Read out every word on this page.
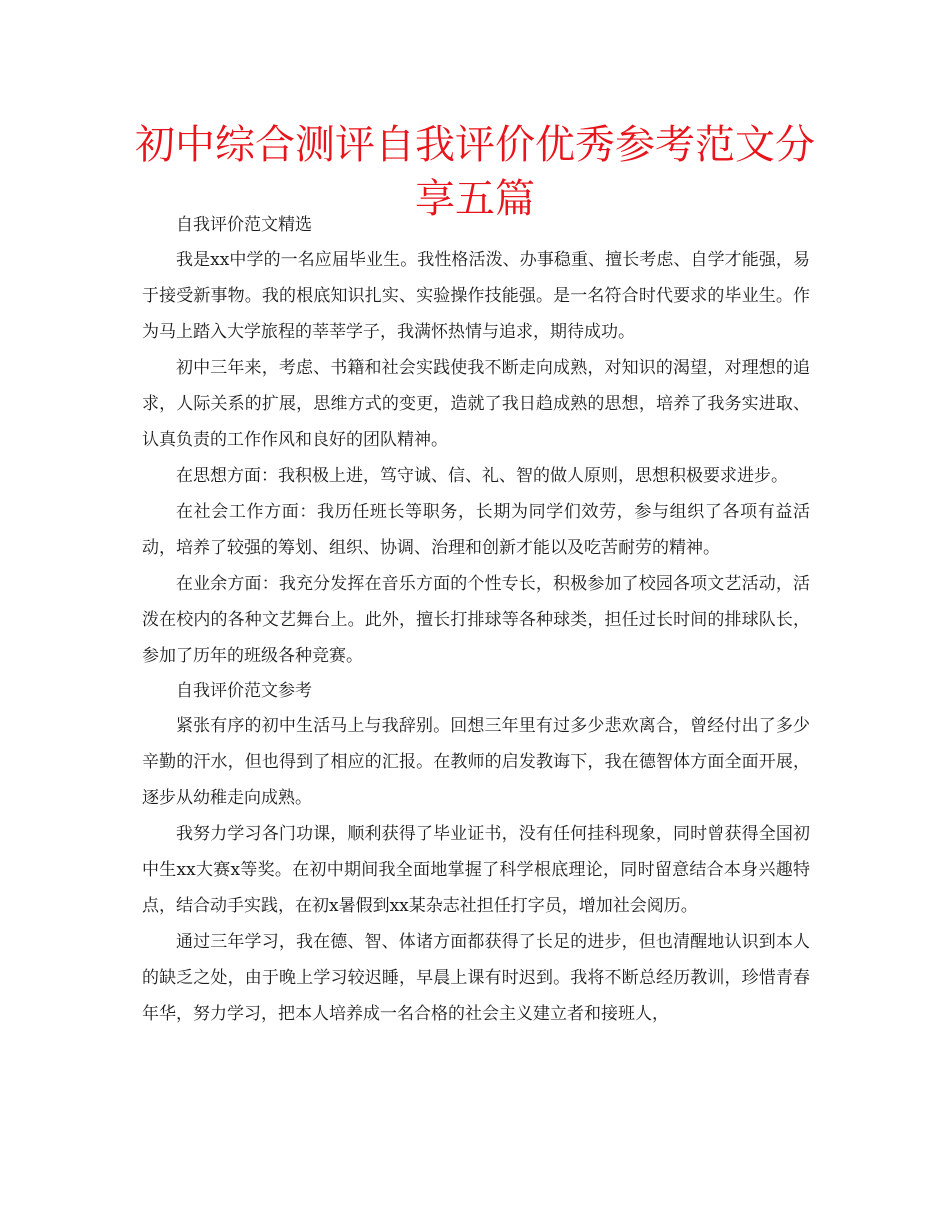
初中综合测评自我评价优秀参考范文分享五篇

自我评价范文精选

我是xx中学的一名应届毕业生。我性格活泼、办事稳重、擅长考虑、自学才能强，易于接受新事物。我的根底知识扎实、实验操作技能强。是一名符合时代要求的毕业生。作为马上踏入大学旅程的莘莘学子，我满怀热情与追求，期待成功。

初中三年来，考虑、书籍和社会实践使我不断走向成熟，对知识的渴望，对理想的追求，人际关系的扩展，思维方式的变更，造就了我日趋成熟的思想，培养了我务实进取、认真负责的工作作风和良好的团队精神。

在思想方面：我积极上进，笃守诚、信、礼、智的做人原则，思想积极要求进步。

在社会工作方面：我历任班长等职务，长期为同学们效劳，参与组织了各项有益活动，培养了较强的筹划、组织、协调、治理和创新才能以及吃苦耐劳的精神。

在业余方面：我充分发挥在音乐方面的个性专长，积极参加了校园各项文艺活动，活泼在校内的各种文艺舞台上。此外，擅长打排球等各种球类，担任过长时间的排球队长，参加了历年的班级各种竞赛。

自我评价范文参考

紧张有序的初中生活马上与我辞别。回想三年里有过多少悲欢离合，曾经付出了多少辛勤的汗水，但也得到了相应的汇报。在教师的启发教诲下，我在德智体方面全面开展，逐步从幼稚走向成熟。

我努力学习各门功课，顺利获得了毕业证书，没有任何挂科现象，同时曾获得全国初中生xx大赛x等奖。在初中期间我全面地掌握了科学根底理论，同时留意结合本身兴趣特点，结合动手实践，在初x暑假到xx某杂志社担任打字员，增加社会阅历。

通过三年学习，我在德、智、体诸方面都获得了长足的进步，但也清醒地认识到本人的缺乏之处，由于晚上学习较迟睡，早晨上课有时迟到。我将不断总经历教训，珍惜青春年华，努力学习，把本人培养成一名合格的社会主义建立者和接班人，
